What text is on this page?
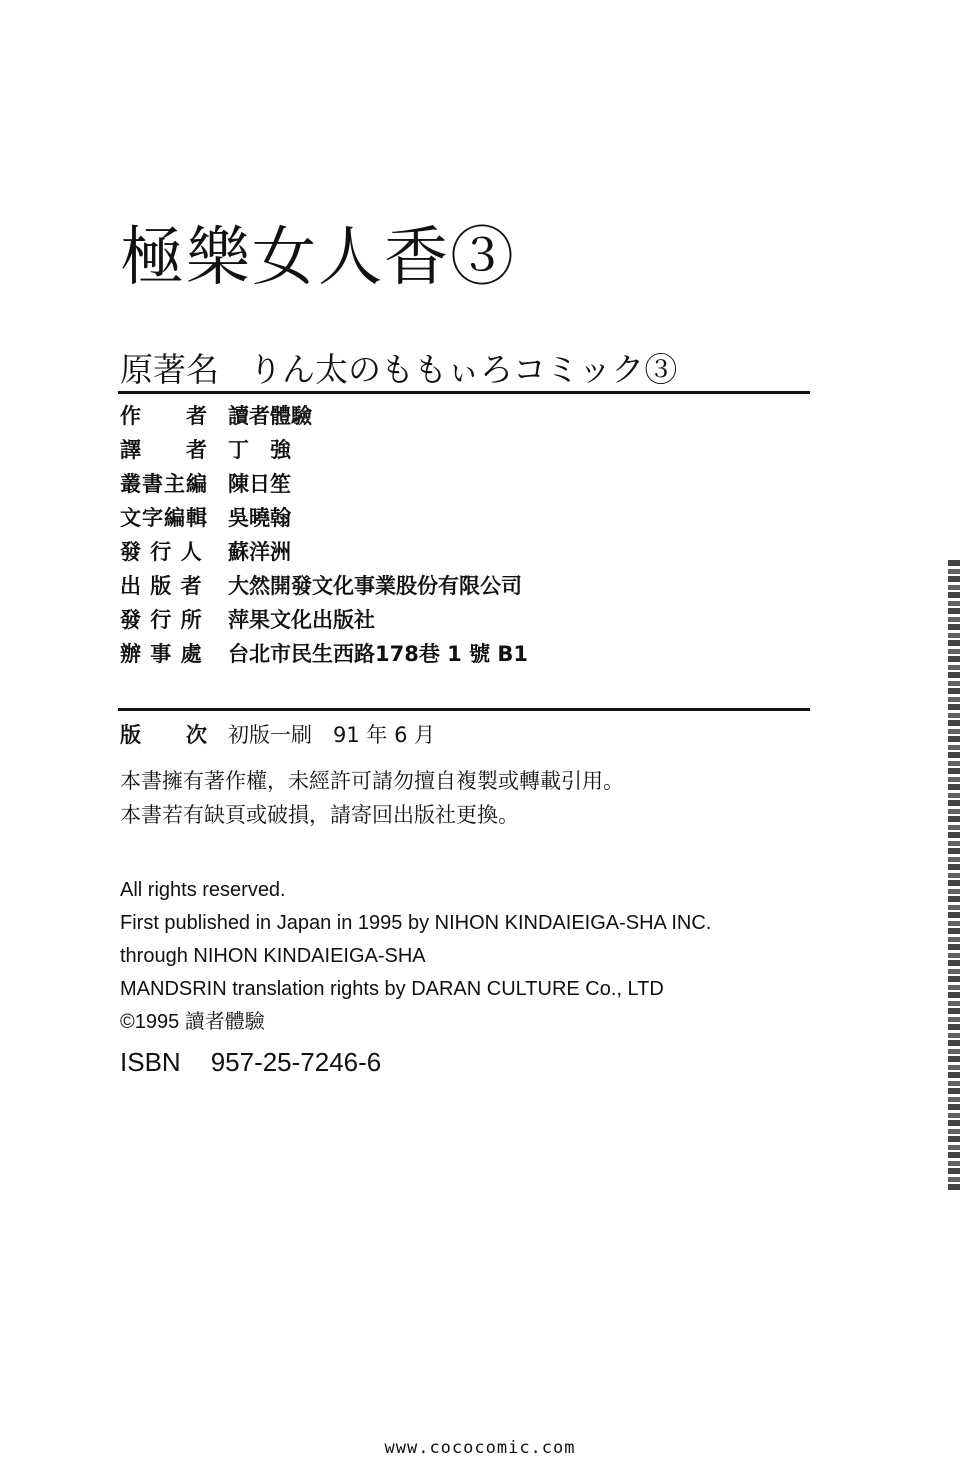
極樂女人香③
原著名 りん太のももぃろコミック③
作　　者 讀者體驗
譯　　者 丁　強
叢書主編 陳日笙
文字編輯 吳曉翰
發 行 人 蘇洋洲
出 版 者 大然開發文化事業股份有限公司
發 行 所 萍果文化出版社
辦 事 處 台北市民生西路178巷 1 號 B1
版　　次 初版一刷　91 年 6 月
本書擁有著作權，未經許可請勿擅自複製或轉載引用。
本書若有缺頁或破損，請寄回出版社更換。
All rights reserved.
First published in Japan in 1995 by NIHON KINDAIEIGA-SHA INC.
through NIHON KINDAIEIGA-SHA
MANDSRIN translation rights by DARAN CULTURE Co., LTD
©1995 讀者體驗
ISBN 957-25-7246-6
www.cococomic.com
